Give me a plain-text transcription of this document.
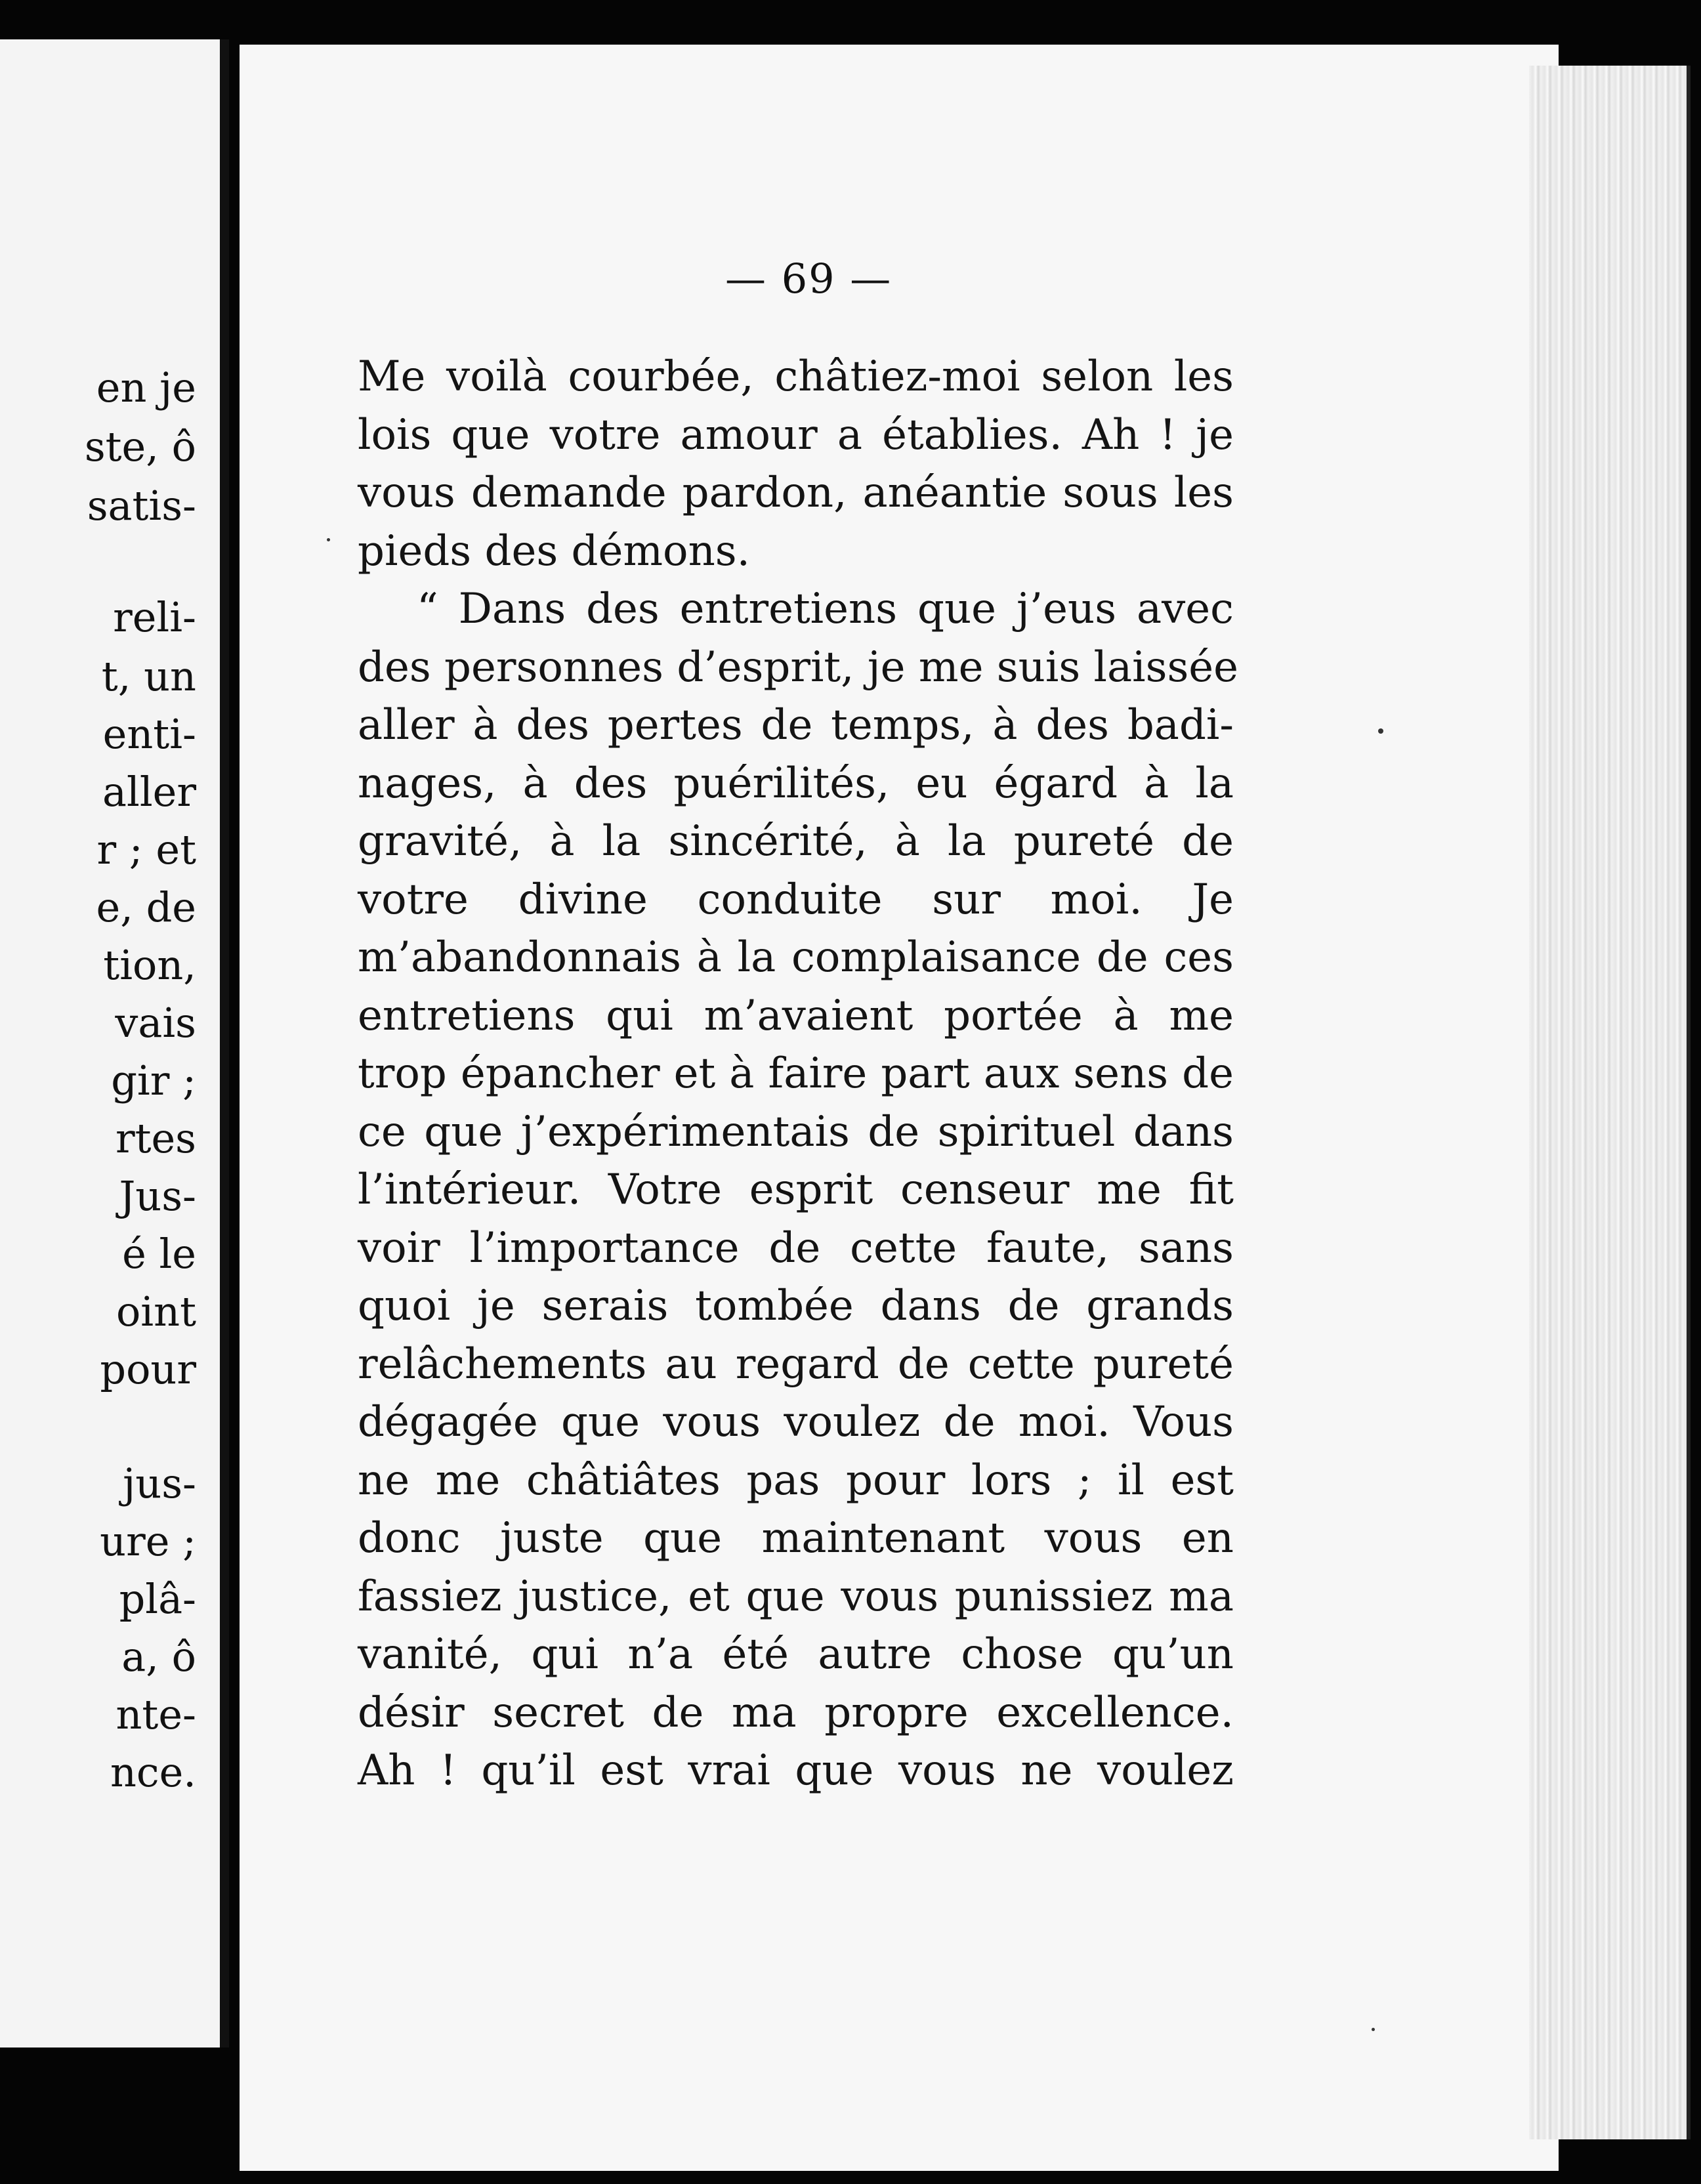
en je
ste, ô
satis-
reli-
t, un
enti-
aller
r ; et
e, de
tion,
vais
gir ;
rtes
Jus-
é le
oint
pour
jus-
ure ;
plâ-
a, ô
nte-
nce.
— 69 —
Me voilà courbée, châtiez-moi selon les
lois que votre amour a établies. Ah ! je
vous demande pardon, anéantie sous les
pieds des démons.
“ Dans des entretiens que j’eus avec
des personnes d’esprit, je me suis laissée
aller à des pertes de temps, à des badi-
nages, à des puérilités, eu égard à la
gravité, à la sincérité, à la pureté de
votre divine conduite sur moi. Je
m’abandonnais à la complaisance de ces
entretiens qui m’avaient portée à me
trop épancher et à faire part aux sens de
ce que j’expérimentais de spirituel dans
l’intérieur. Votre esprit censeur me fit
voir l’importance de cette faute, sans
quoi je serais tombée dans de grands
relâchements au regard de cette pureté
dégagée que vous voulez de moi. Vous
ne me châtiâtes pas pour lors ; il est
donc juste que maintenant vous en
fassiez justice, et que vous punissiez ma
vanité, qui n’a été autre chose qu’un
désir secret de ma propre excellence.
Ah ! qu’il est vrai que vous ne voulez
